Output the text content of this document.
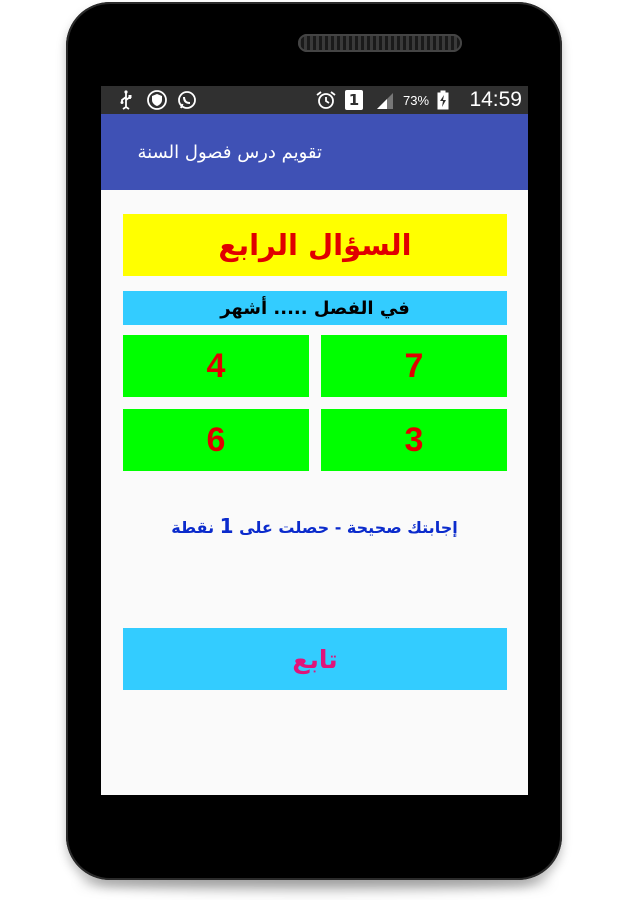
1	73% 14:59
تقويم درس فصول السنة
السؤال الرابع
في الفصل ..... أشهر
7
4
3
6
إجابتك صحيحة - حصلت على 1 نقطة
تابع
